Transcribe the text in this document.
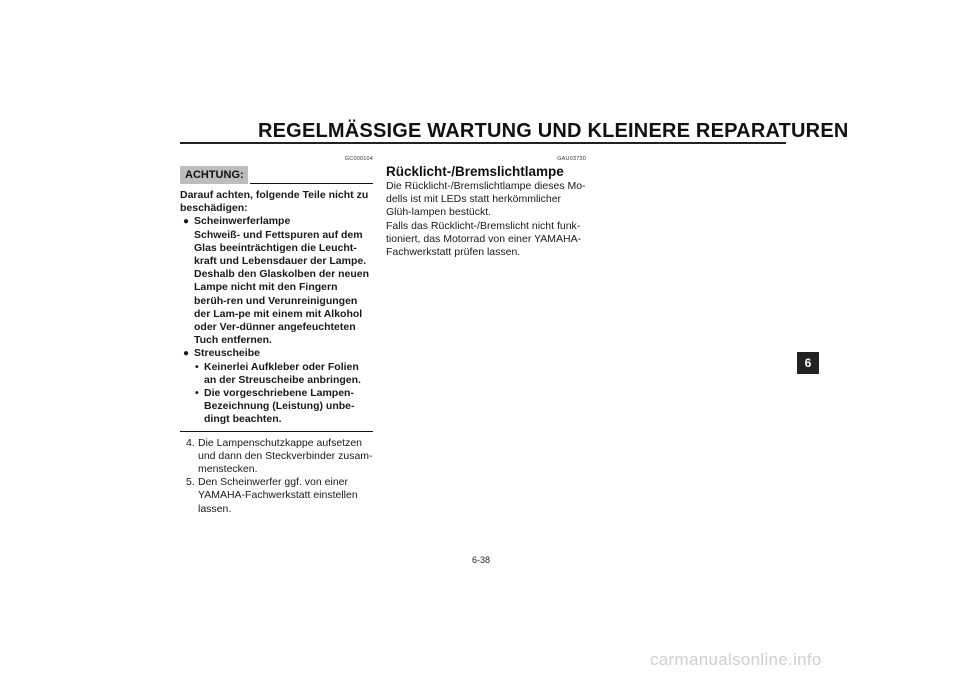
REGELMÄSSIGE WARTUNG UND KLEINERE REPARATUREN
GC000104
ACHTUNG:
Darauf achten, folgende Teile nicht zu beschädigen:
● Scheinwerferlampe
Schweiß- und Fettspuren auf dem Glas beeinträchtigen die Leucht-kraft und Lebensdauer der Lampe. Deshalb den Glaskolben der neuen Lampe nicht mit den Fingern berüh-ren und Verunreinigungen der Lam-pe mit einem mit Alkohol oder Ver-dünner angefeuchteten Tuch entfernen.
● Streuscheibe
• Keinerlei Aufkleber oder Folien an der Streuscheibe anbringen.
• Die vorgeschriebene Lampen-Bezeichnung (Leistung) unbe-dingt beachten.
4. Die Lampenschutzkappe aufsetzen und dann den Steckverbinder zusam-menstecken.
5. Den Scheinwerfer ggf. von einer YAMAHA-Fachwerkstatt einstellen lassen.
GAU03730
Rücklicht-/Bremslichtlampe
Die Rücklicht-/Bremslichtlampe dieses Mo-dells ist mit LEDs statt herkömmlicher Glüh-lampen bestückt.
Falls das Rücklicht-/Bremslicht nicht funk-tioniert, das Motorrad von einer YAMAHA-Fachwerkstatt prüfen lassen.
6
6-38
carmanualsonline.info
